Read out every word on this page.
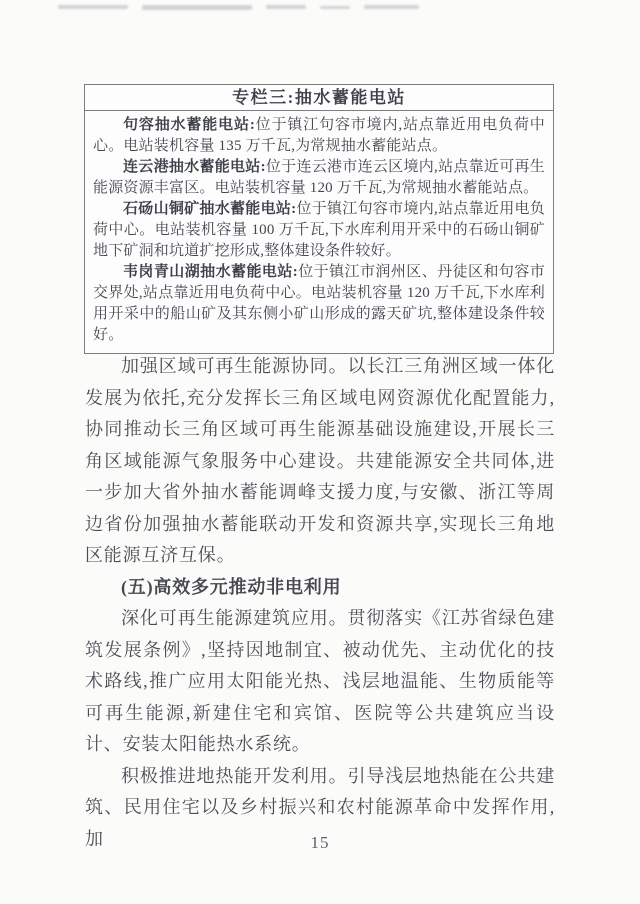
专栏三:抽水蓄能电站

句容抽水蓄能电站:位于镇江句容市境内,站点靠近用电负荷中心。电站装机容量 135 万千瓦,为常规抽水蓄能站点。

连云港抽水蓄能电站:位于连云港市连云区境内,站点靠近可再生能源资源丰富区。电站装机容量 120 万千瓦,为常规抽水蓄能站点。

石砀山铜矿抽水蓄能电站:位于镇江句容市境内,站点靠近用电负荷中心。电站装机容量 100 万千瓦,下水库利用开采中的石砀山铜矿地下矿洞和坑道扩挖形成,整体建设条件较好。

韦岗青山湖抽水蓄能电站:位于镇江市润州区、丹徒区和句容市交界处,站点靠近用电负荷中心。电站装机容量 120 万千瓦,下水库利用开采中的船山矿及其东侧小矿山形成的露天矿坑,整体建设条件较好。

加强区域可再生能源协同。以长江三角洲区域一体化发展为依托,充分发挥长三角区域电网资源优化配置能力,协同推动长三角区域可再生能源基础设施建设,开展长三角区域能源气象服务中心建设。共建能源安全共同体,进一步加大省外抽水蓄能调峰支援力度,与安徽、浙江等周边省份加强抽水蓄能联动开发和资源共享,实现长三角地区能源互济互保。

(五)高效多元推动非电利用

深化可再生能源建筑应用。贯彻落实《江苏省绿色建筑发展条例》,坚持因地制宜、被动优先、主动优化的技术路线,推广应用太阳能光热、浅层地温能、生物质能等可再生能源,新建住宅和宾馆、医院等公共建筑应当设计、安装太阳能热水系统。

积极推进地热能开发利用。引导浅层地热能在公共建筑、民用住宅以及乡村振兴和农村能源革命中发挥作用,加	15
